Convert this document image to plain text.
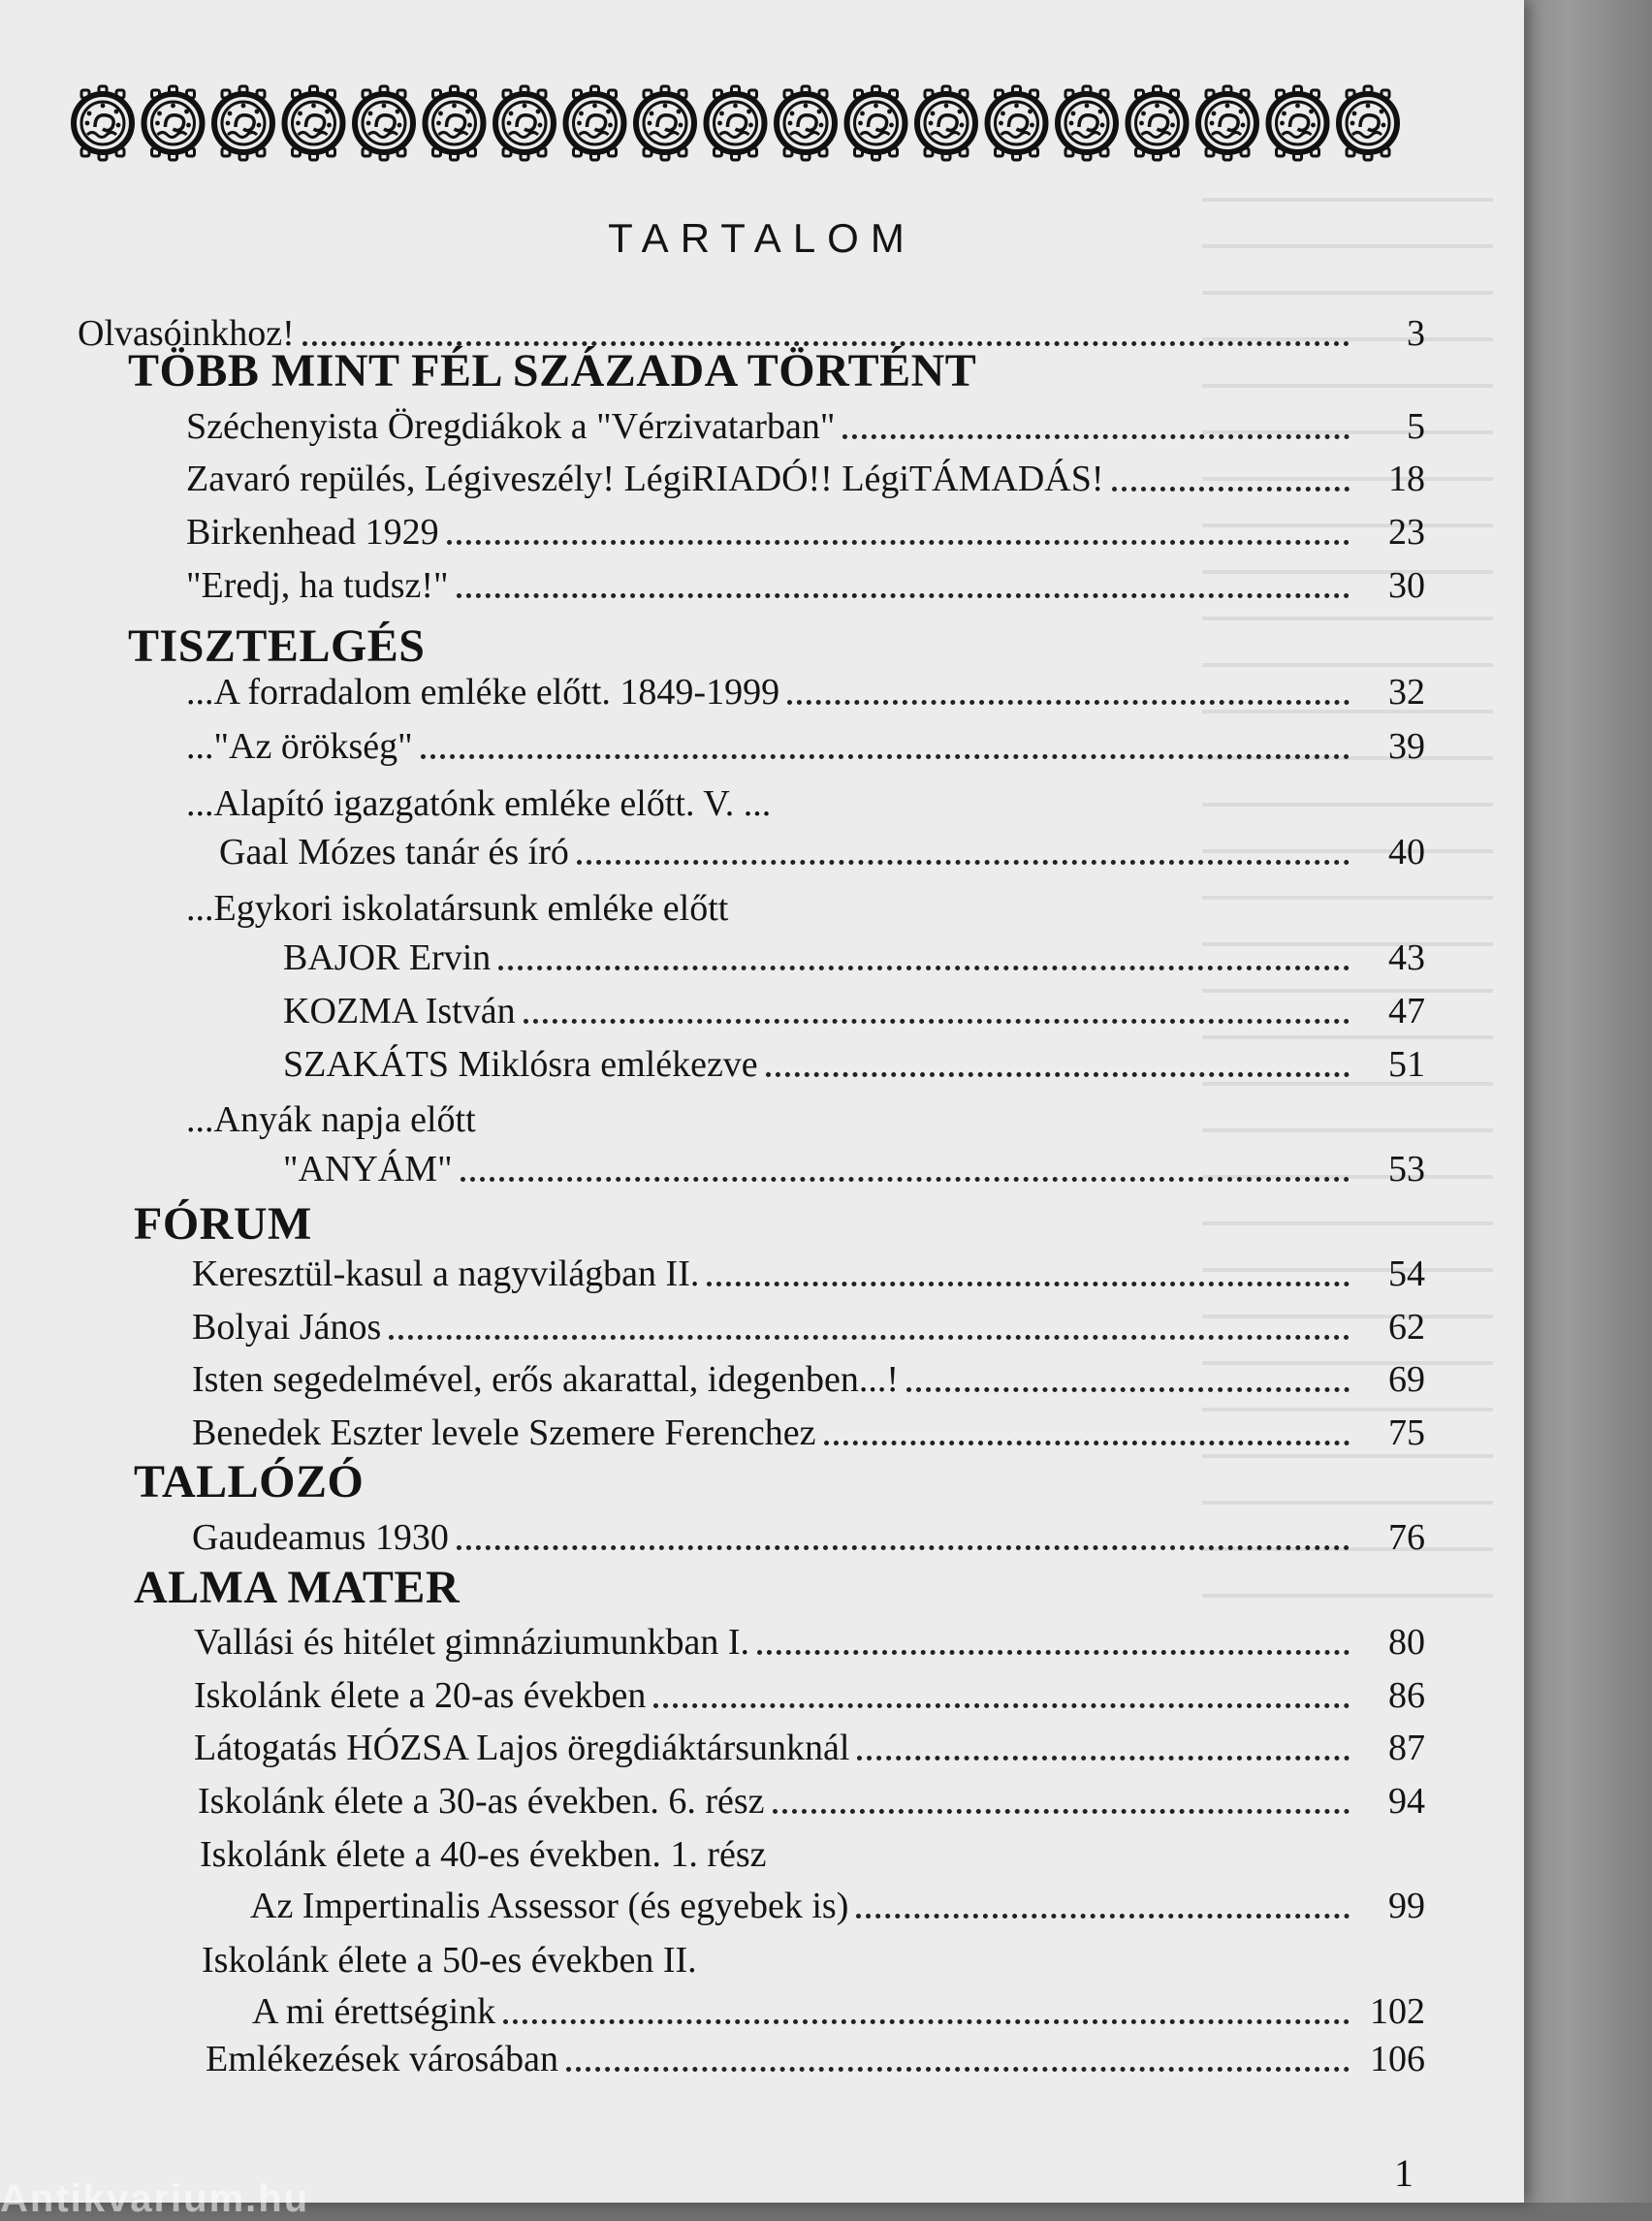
TARTALOM
Olvasóinkhoz!	3
TÖBB MINT FÉL SZÁZADA TÖRTÉNT
Széchenyista Öregdiákok a "Vérzivatarban"	5
Zavaró repülés, Légiveszély! LégiRIADÓ!! LégiTÁMADÁS!	18
Birkenhead 1929	23
"Eredj, ha tudsz!"	30
TISZTELGÉS
...A forradalom emléke előtt. 1849-1999	32
..."Az örökség"	39
...Alapító igazgatónk emléke előtt. V. ...
Gaal Mózes tanár és író	40
...Egykori iskolatársunk emléke előtt
BAJOR Ervin	43
KOZMA István	47
SZAKÁTS Miklósra emlékezve	51
...Anyák napja előtt
"ANYÁM"	53
FÓRUM
Keresztül-kasul a nagyvilágban II.	54
Bolyai János	62
Isten segedelmével, erős akarattal, idegenben...!	69
Benedek Eszter levele Szemere Ferenchez	75
TALLÓZÓ
Gaudeamus 1930	76
ALMA MATER
Vallási és hitélet gimnáziumunkban I.	80
Iskolánk élete a 20-as években	86
Látogatás HÓZSA Lajos öregdiáktársunknál	87
Iskolánk élete a 30-as években. 6. rész	94
Iskolánk élete a 40-es években. 1. rész
Az Impertinalis Assessor (és egyebek is)	99
Iskolánk élete a 50-es években II.
A mi érettségink	102
Emlékezések városában	106
1
Antikvarium.hu
